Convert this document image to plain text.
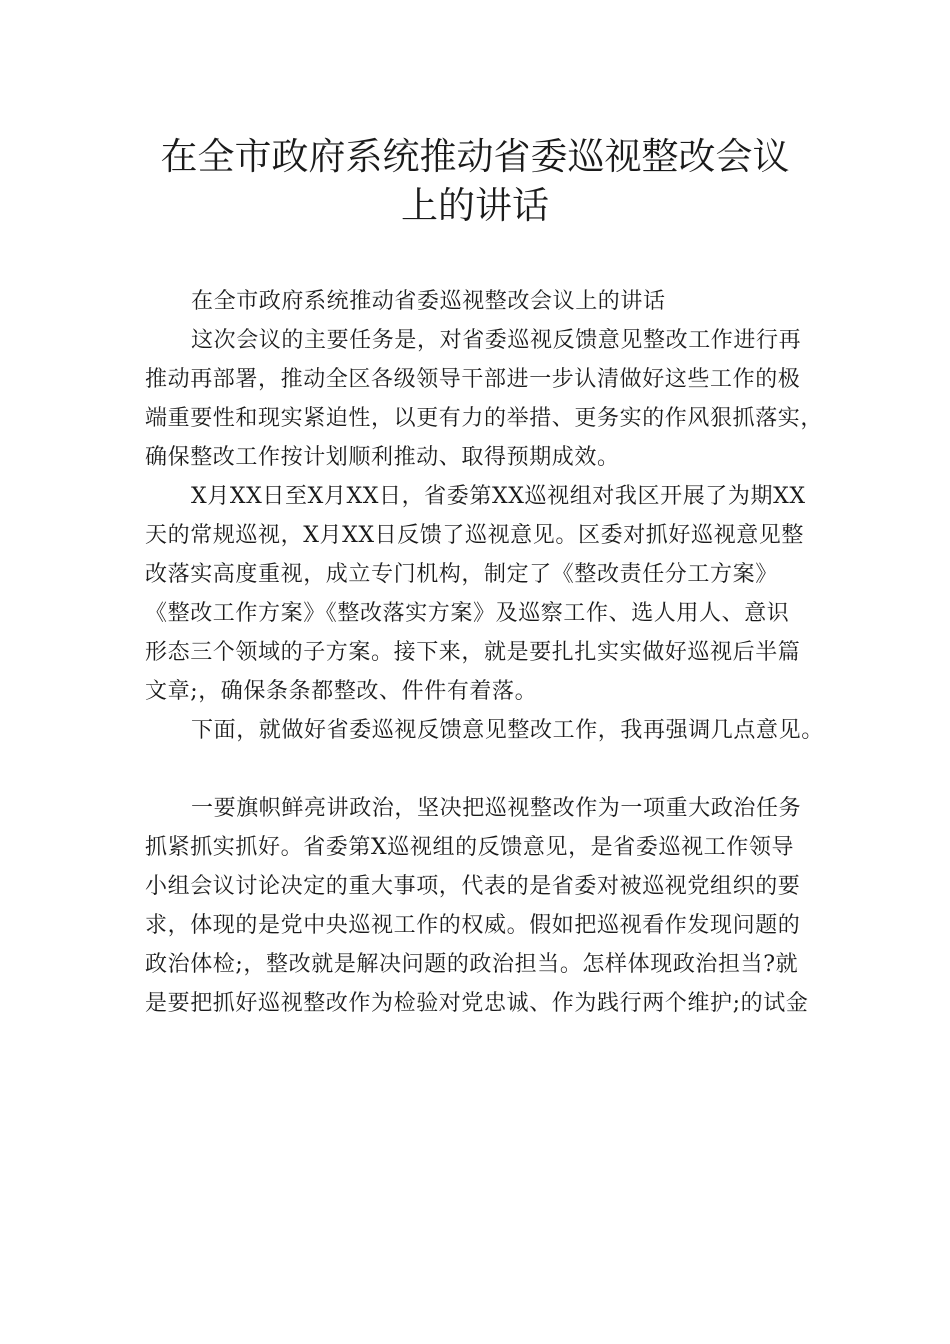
在全市政府系统推动省委巡视整改会议
上的讲话

在全市政府系统推动省委巡视整改会议上的讲话

这次会议的主要任务是，对省委巡视反馈意见整改工作进行再
推动再部署，推动全区各级领导干部进一步认清做好这些工作的极
端重要性和现实紧迫性，以更有力的举措、更务实的作风狠抓落实，
确保整改工作按计划顺利推动、取得预期成效。

X月XX日至X月XX日，省委第XX巡视组对我区开展了为期XX
天的常规巡视，X月XX日反馈了巡视意见。区委对抓好巡视意见整
改落实高度重视，成立专门机构，制定了《整改责任分工方案》
《整改工作方案》《整改落实方案》及巡察工作、选人用人、意识
形态三个领域的子方案。接下来，就是要扎扎实实做好巡视后半篇
文章;，确保条条都整改、件件有着落。

下面，就做好省委巡视反馈意见整改工作，我再强调几点意见。

一要旗帜鲜亮讲政治，坚决把巡视整改作为一项重大政治任务
抓紧抓实抓好。省委第X巡视组的反馈意见，是省委巡视工作领导
小组会议讨论决定的重大事项，代表的是省委对被巡视党组织的要
求，体现的是党中央巡视工作的权威。假如把巡视看作发现问题的
政治体检;，整改就是解决问题的政治担当。怎样体现政治担当?就
是要把抓好巡视整改作为检验对党忠诚、作为践行两个维护;的试金
